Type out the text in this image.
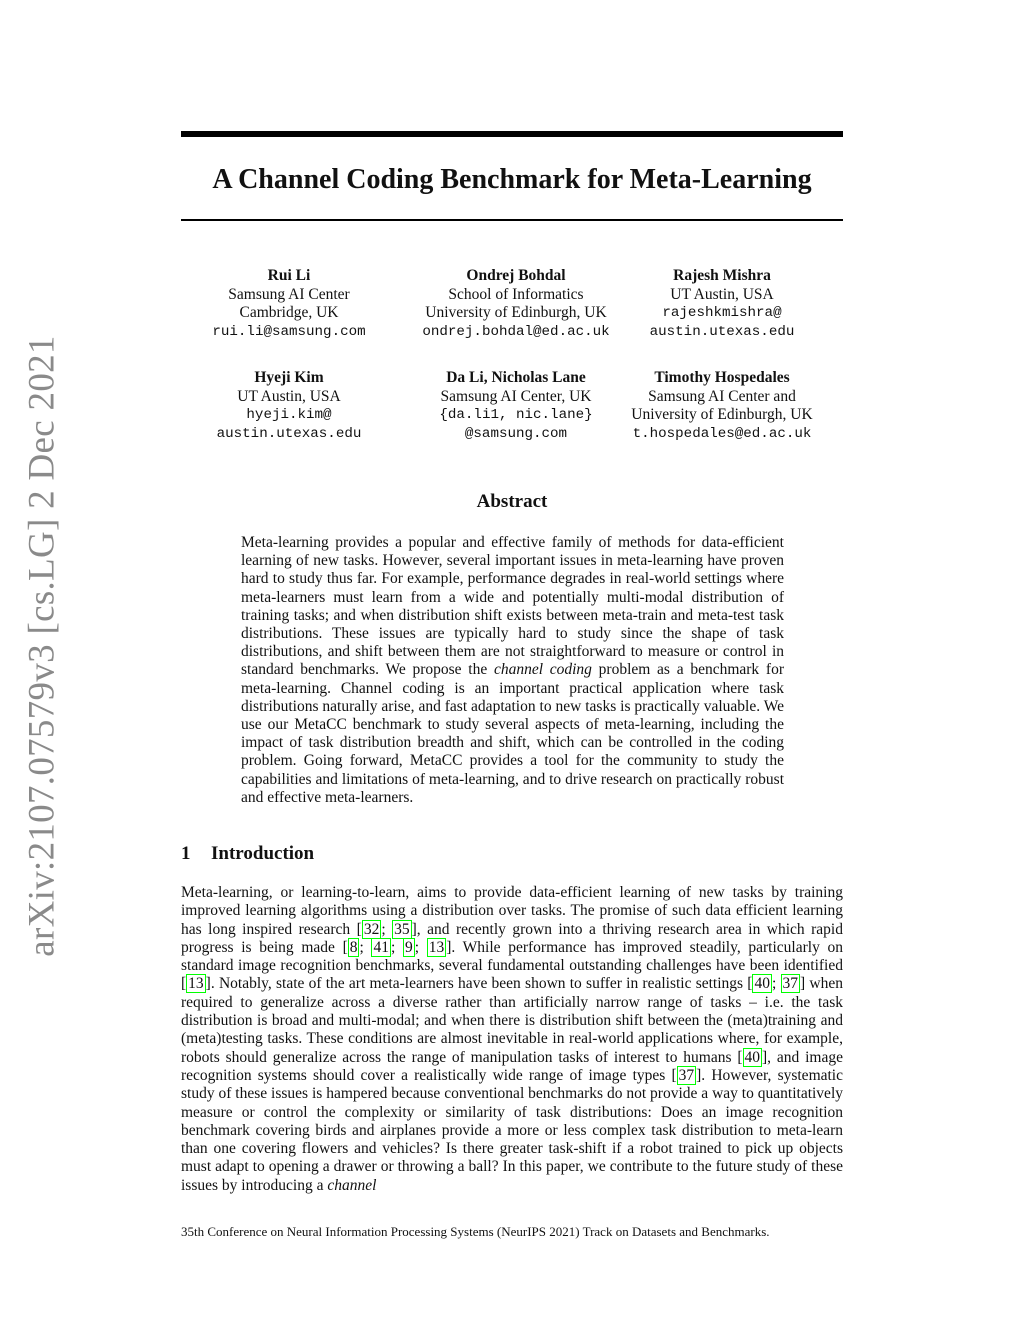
arXiv:2107.07579v3 [cs.LG] 2 Dec 2021
A Channel Coding Benchmark for Meta-Learning
Rui Li
Samsung AI Center
Cambridge, UK
rui.li@samsung.com
Ondrej Bohdal
School of Informatics
University of Edinburgh, UK
ondrej.bohdal@ed.ac.uk
Rajesh Mishra
UT Austin, USA
rajeshkmishra@
austin.utexas.edu
Hyeji Kim
UT Austin, USA
hyeji.kim@
austin.utexas.edu
Da Li, Nicholas Lane
Samsung AI Center, UK
{da.li1, nic.lane}
@samsung.com
Timothy Hospedales
Samsung AI Center and
University of Edinburgh, UK
t.hospedales@ed.ac.uk
Abstract

Meta-learning provides a popular and effective family of methods for data-efficient learning of new tasks. However, several important issues in meta-learning have proven hard to study thus far. For example, performance degrades in real-world settings where meta-learners must learn from a wide and potentially multi-modal distribution of training tasks; and when distribution shift exists between meta-train and meta-test task distributions. These issues are typically hard to study since the shape of task distributions, and shift between them are not straightforward to measure or control in standard benchmarks. We propose the channel coding problem as a benchmark for meta-learning. Channel coding is an important practical application where task distributions naturally arise, and fast adaptation to new tasks is practically valuable. We use our MetaCC benchmark to study several aspects of meta-learning, including the impact of task distribution breadth and shift, which can be controlled in the coding problem. Going forward, MetaCC provides a tool for the community to study the capabilities and limitations of meta-learning, and to drive research on practically robust and effective meta-learners.

1 Introduction

Meta-learning, or learning-to-learn, aims to provide data-efficient learning of new tasks by training improved learning algorithms using a distribution over tasks. The promise of such data efficient learning has long inspired research [ 32 ; 35 ], and recently grown into a thriving research area in which rapid progress is being made [ 8 ; 41 ; 9 ; 13 ]. While performance has improved steadily, particularly on standard image recognition benchmarks, several fundamental outstanding challenges have been identified [ 13 ]. Notably, state of the art meta-learners have been shown to suffer in realistic settings [ 40 ; 37 ] when required to generalize across a diverse rather than artificially narrow range of tasks – i.e. the task distribution is broad and multi-modal; and when there is distribution shift between the (meta)training and (meta)testing tasks. These conditions are almost inevitable in real-world applications where, for example, robots should generalize across the range of manipulation tasks of interest to humans [ 40 ], and image recognition systems should cover a realistically wide range of image types [ 37 ]. However, systematic study of these issues is hampered because conventional benchmarks do not provide a way to quantitatively measure or control the complexity or similarity of task distributions: Does an image recognition benchmark covering birds and airplanes provide a more or less complex task distribution to meta-learn than one covering flowers and vehicles? Is there greater task-shift if a robot trained to pick up objects must adapt to opening a drawer or throwing a ball? In this paper, we contribute to the future study of these issues by introducing a channel

35th Conference on Neural Information Processing Systems (NeurIPS 2021) Track on Datasets and Benchmarks.
